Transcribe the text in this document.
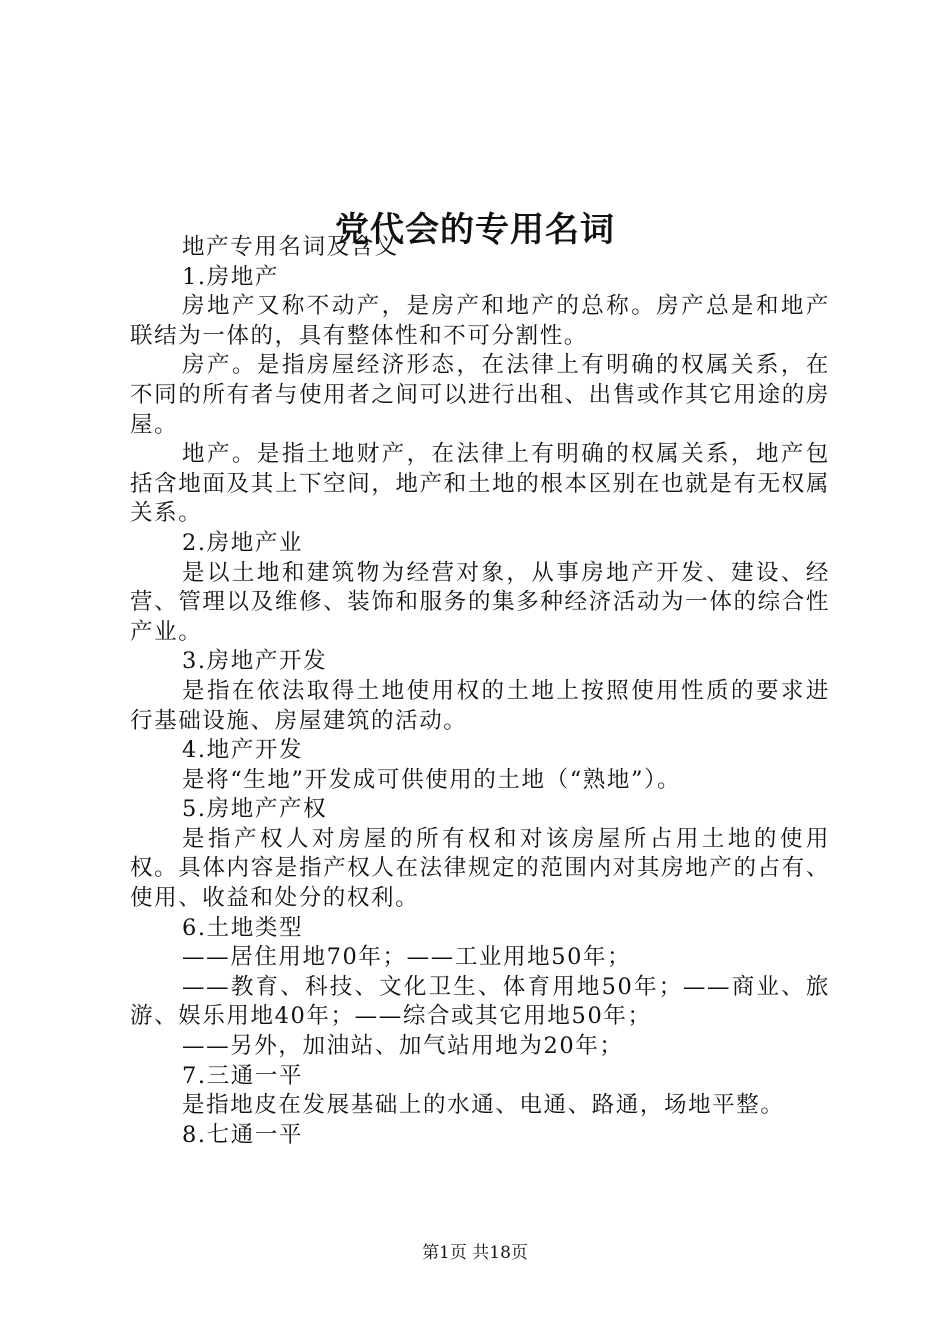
党代会的专用名词

地产专用名词及含义

1.房地产

房地产又称不动产，是房产和地产的总称。房产总是和地产联结为一体的，具有整体性和不可分割性。

房产。是指房屋经济形态，在法律上有明确的权属关系，在不同的所有者与使用者之间可以进行出租、出售或作其它用途的房屋。

地产。是指土地财产，在法律上有明确的权属关系，地产包括含地面及其上下空间，地产和土地的根本区别在也就是有无权属关系。

2.房地产业

是以土地和建筑物为经营对象，从事房地产开发、建设、经营、管理以及维修、装饰和服务的集多种经济活动为一体的综合性产业。

3.房地产开发

是指在依法取得土地使用权的土地上按照使用性质的要求进行基础设施、房屋建筑的活动。

4.地产开发

是将“生地”开发成可供使用的土地（“熟地”）。

5.房地产产权

是指产权人对房屋的所有权和对该房屋所占用土地的使用权。具体内容是指产权人在法律规定的范围内对其房地产的占有、使用、收益和处分的权利。

6.土地类型

——居住用地70年；——工业用地50年；

——教育、科技、文化卫生、体育用地50年；——商业、旅游、娱乐用地40年；——综合或其它用地50年；

——另外，加油站、加气站用地为20年；

7.三通一平

是指地皮在发展基础上的水通、电通、路通，场地平整。

8.七通一平

第1页 共18页
